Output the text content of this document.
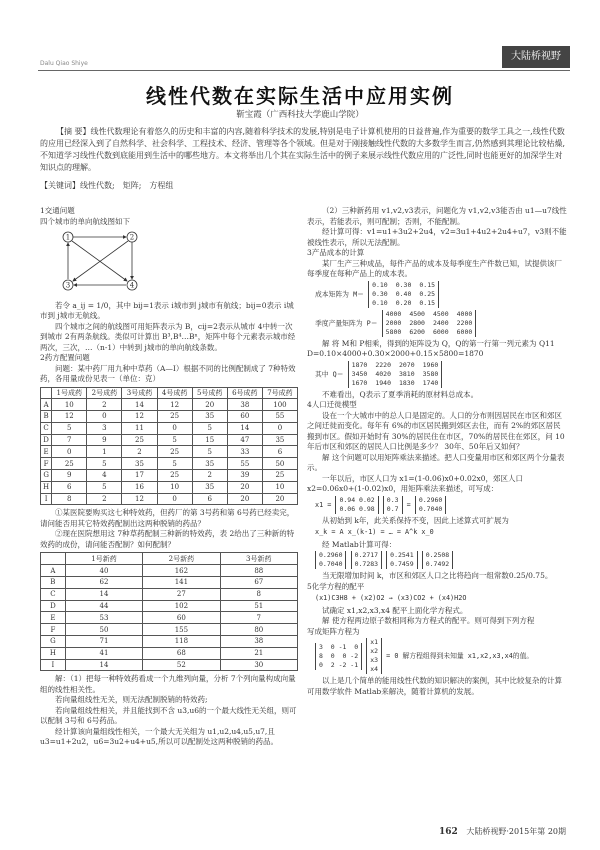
Dalu Qiao Shiye
大陆桥视野
线性代数在实际生活中应用实例
靳宝霞（广西科技大学鹿山学院）
【摘 要】线性代数理论有着悠久的历史和丰富的内容,随着科学技术的发展,特别是电子计算机使用的日益普遍,作为重要的数学工具之一,线性代数的应用已经深入到了自然科学、社会科学、工程技术、经济、管理等各个领域。但是对于刚接触线性代数的大多数学生而言,仍然感到其理论比较枯燥,不知道学习线性代数到底能用到生活中的哪些地方。本文将举出几个其在实际生活中的例子来展示线性代数应用的广泛性,同时也能更好的加深学生对知识点的理解。
【关键词】线性代数;　矩阵;　方程组

1交通问题

四个城市的单向航线图如下

1	2
3	4

若令 a_ij = 1/0，其中 bij=1表示 i城市到 j城市有航线；bij=0表示 i城市到 j城市无航线。

四个城市之间的航线图可用矩阵表示为 B，cij=2表示从城市 4中转一次到城市 2有两条航线。类似可计算出 B³,B⁴…Bⁿ，矩阵中每个元素表示城市经两次，三次，…（n-1）中转到 j城市的单向航线条数。

2药方配置问题

问题：某中药厂用九种中草药（A—I）根据不同的比例配制成了 7种特效药，各用量成份见表一（单位：克）

	1号成药	2号成药	3号成药	4号成药	5号成药	6号成药	7号成药
A	10	2	14	12	20	38	100
B	12	0	12	25	35	60	55
C	5	3	11	0	5	14	0
D	7	9	25	5	15	47	35
E	0	1	2	25	5	33	6
F	25	5	35	5	35	55	50
G	9	4	17	25	2	39	25
H	6	5	16	10	35	20	10
I	8	2	12	0	6	20	20

①某医院要购买这七种特效药，但药厂的第 3号药和第 6号药已经卖完，请问能否用其它特效药配制出这两种脱销的药品？

②现在医院想用这 7种草药配制三种新的特效药，表 2给出了三种新的特效药的成份，请问能否配制？如何配制？

	1号新药	2号新药	3号新药
A	40	162	88
B	62	141	67
C	14	27	8
D	44	102	51
E	53	60	7
F	50	155	80
G	71	118	38
H	41	68	21
I	14	52	30

解：（1）把每一种特效药看成一个九维列向量，分析 7个列向量构成向量组的线性相关性。

若向量组线性无关，则无法配制脱销的特效药;

若向量组线性相关，并且能找到不含 u3,u6的一个最大线性无关组，则可以配制 3号和 6号药品。

经计算该向量组线性相关，一个最大无关组为 u1,u2,u4,u5,u7,且 u3=u1+2u2，u6=3u2+u4+u5,所以可以配制处这两种脱销的药品。

（2）三种新药用 v1,v2,v3表示，问题化为 v1,v2,v3能否由 u1—u7线性表示，若能表示，则可配制；否则，不能配制。

经计算可得：v1=u1+3u2+2u4，v2=3u1+4u2+2u4+u7，v3则不能被线性表示，所以无法配制。

3产品成本的计算

某厂生产三种成品，每件产品的成本及每季度生产件数已知，试提供该厂每季度在每种产品上的成本表。

成本矩阵为 M＝
0.10 0.30 0.15
0.30 0.40 0.25
0.10 0.20 0.15
季度产量矩阵为 P＝
4000 4500 4500 4000
2000 2800 2400 2200
5800 6200 6000 6000

解 将 M和 P相乘，得到的矩阵设为 Q，Q的第一行第一列元素为 Q11 D=0.10×4000+0.30×2000+0.15×5800=1870

其中 Q＝
1870 2220 2070 1960
3450 4020 3810 3580
1670 1940 1830 1740

不难看出，Q表示了夏季消耗的原材料总成本。

4人口迁徙模型

设在一个大城市中的总人口是固定的。人口的分布则因居民在市区和郊区之间迁徙而变化。每年有 6%的市区居民搬到郊区去住，而有 2%的郊区居民搬到市区。假如开始时有 30%的居民住在市区，70%的居民住在郊区，问 10年后市区和郊区的居民人口比例是多少？ 30年、50年后又如何？

解 这个问题可以用矩阵乘法来描述。把人口变量用市区和郊区两个分量表示。

一年以后，市区人口为 x1=(1-0.06)x0+0.02x0，郊区人口 x2=0.06x0+(1-0.02)x0，用矩阵乘法来描述，可写成：

x1 =
0.94 0.02
0.06 0.98

0.3
0.7 =
0.2960
0.7040

从初始到 k年，此关系保持不变，因此上述算式可扩展为

x_k = A x_(k-1) = … = A^k x_0

经 Matlab计算可得：

0.2960
0.7040

0.2717
0.7283

0.2541
0.7459

0.2508
0.7492

当无限增加时间 k，市区和郊区人口之比将趋向一组常数0.25/0.75。

5化学方程的配平

(x1)C3H8 + (x2)O2 → (x3)CO2 + (x4)H2O

试确定 x1,x2,x3,x4 配平上面化学方程式。

解 使方程两边原子数相同称为方程式的配平。则可得到下列方程

写成矩阵方程为

3  0 -1  0
8  0  0 -2
0  2 -2 -1

x1
x2
x3
x4
= 0 解方程组得到未知量 x1,x2,x3,x4的值。

以上是几个简单的能用线性代数的知识解决的案例，其中比较复杂的计算可用数学软件 Matlab来解决，随着计算机的发展。

162 大陆桥视野·2015年第 20期
